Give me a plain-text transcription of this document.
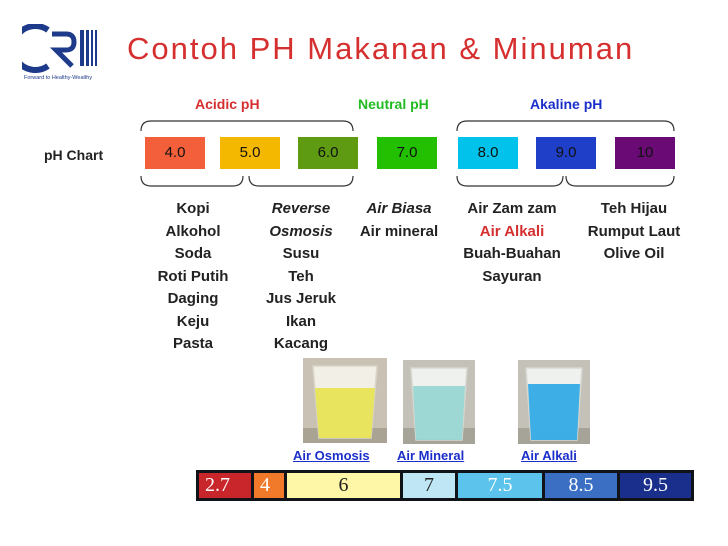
Forward to Healthy-Wealthy
Contoh PH Makanan & Minuman
Acidic pH	Neutral pH	Akaline pH
pH Chart	4.0	5.0	6.0	7.0	8.0	9.0	10
Kopi
Alkohol
Soda
Roti Putih
Daging
Keju
Pasta
Reverse
Osmosis
Susu
Teh
Jus Jeruk
Ikan
Kacang
Air Biasa
Air mineral
Air Zam zam
Air Alkali
Buah-Buahan
Sayuran
Teh Hijau
Rumput Laut
Olive Oil
Air Osmosis Air Mineral	Air Alkali
2.7	4	6	7	7.5	8.5	9.5
